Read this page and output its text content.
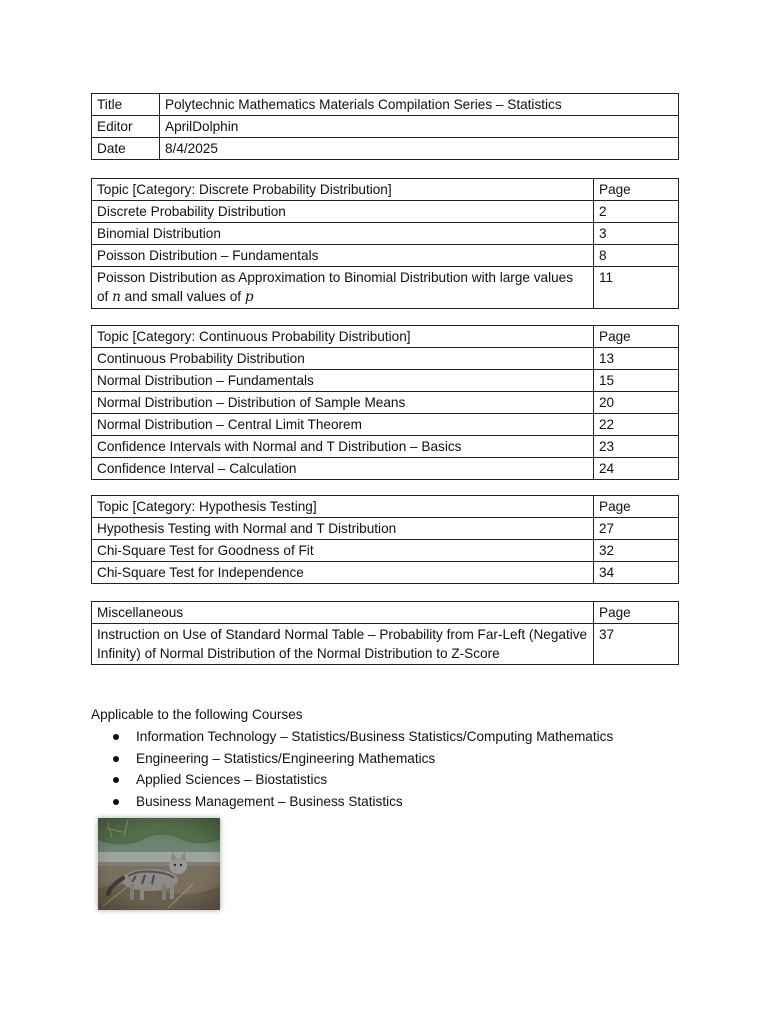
Title	Polytechnic Mathematics Materials Compilation Series – Statistics
Editor	AprilDolphin
Date	8/4/2025
Topic [Category: Discrete Probability Distribution]	Page
Discrete Probability Distribution	2
Binomial Distribution	3
Poisson Distribution – Fundamentals	8
Poisson Distribution as Approximation to Binomial Distribution with large values of n and small values of p	11
Topic [Category: Continuous Probability Distribution]	Page
Continuous Probability Distribution	13
Normal Distribution – Fundamentals	15
Normal Distribution – Distribution of Sample Means	20
Normal Distribution – Central Limit Theorem	22
Confidence Intervals with Normal and T Distribution – Basics	23
Confidence Interval – Calculation	24
Topic [Category: Hypothesis Testing]	Page
Hypothesis Testing with Normal and T Distribution	27
Chi-Square Test for Goodness of Fit	32
Chi-Square Test for Independence	34
Miscellaneous	Page
Instruction on Use of Standard Normal Table – Probability from Far-Left (Negative Infinity) of Normal Distribution of the Normal Distribution to Z-Score	37
Applicable to the following Courses
Information Technology – Statistics/Business Statistics/Computing Mathematics
Engineering – Statistics/Engineering Mathematics
Applied Sciences – Biostatistics
Business Management – Business Statistics
